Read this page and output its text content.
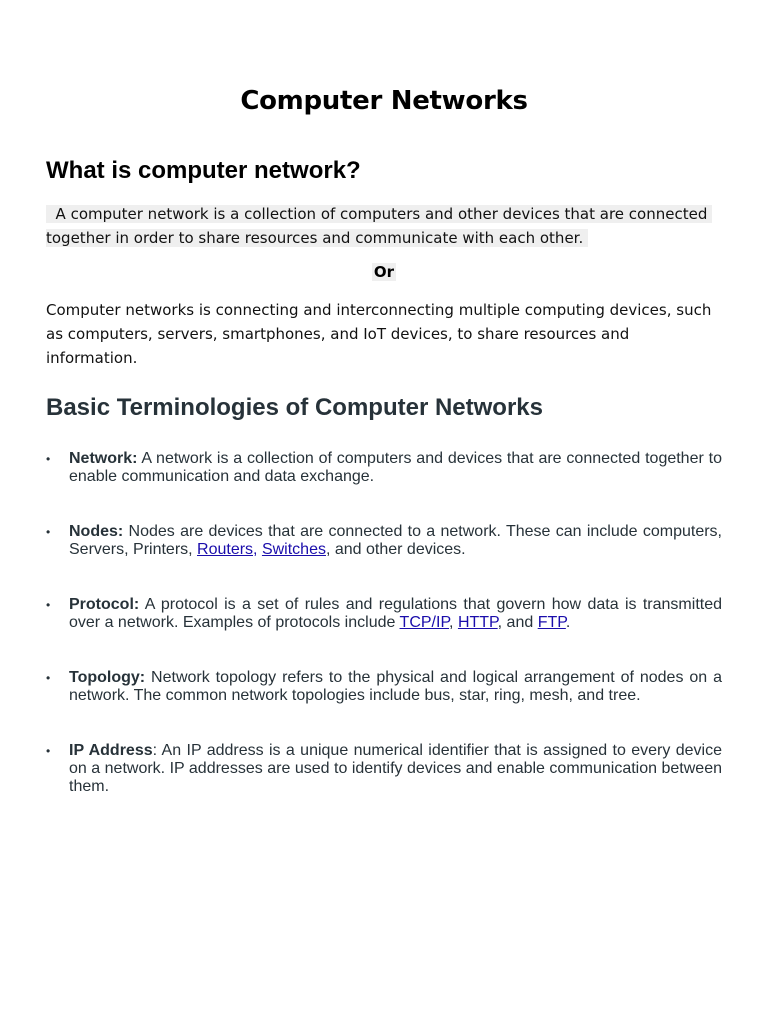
Computer Networks
What is computer network?
A computer network is a collection of computers and other devices that are connected together in order to share resources and communicate with each other.
Or
Computer networks is connecting and interconnecting multiple computing devices, such as computers, servers, smartphones, and IoT devices, to share resources and information.
Basic Terminologies of Computer Networks
• Network: A network is a collection of computers and devices that are connected together to enable communication and data exchange.
• Nodes: Nodes are devices that are connected to a network. These can include computers, Servers, Printers, Routers, Switches, and other devices.
• Protocol: A protocol is a set of rules and regulations that govern how data is transmitted over a network. Examples of protocols include TCP/IP, HTTP, and FTP.
• Topology: Network topology refers to the physical and logical arrangement of nodes on a network. The common network topologies include bus, star, ring, mesh, and tree.
• IP Address: An IP address is a unique numerical identifier that is assigned to every device on a network. IP addresses are used to identify devices and enable communication between them.
